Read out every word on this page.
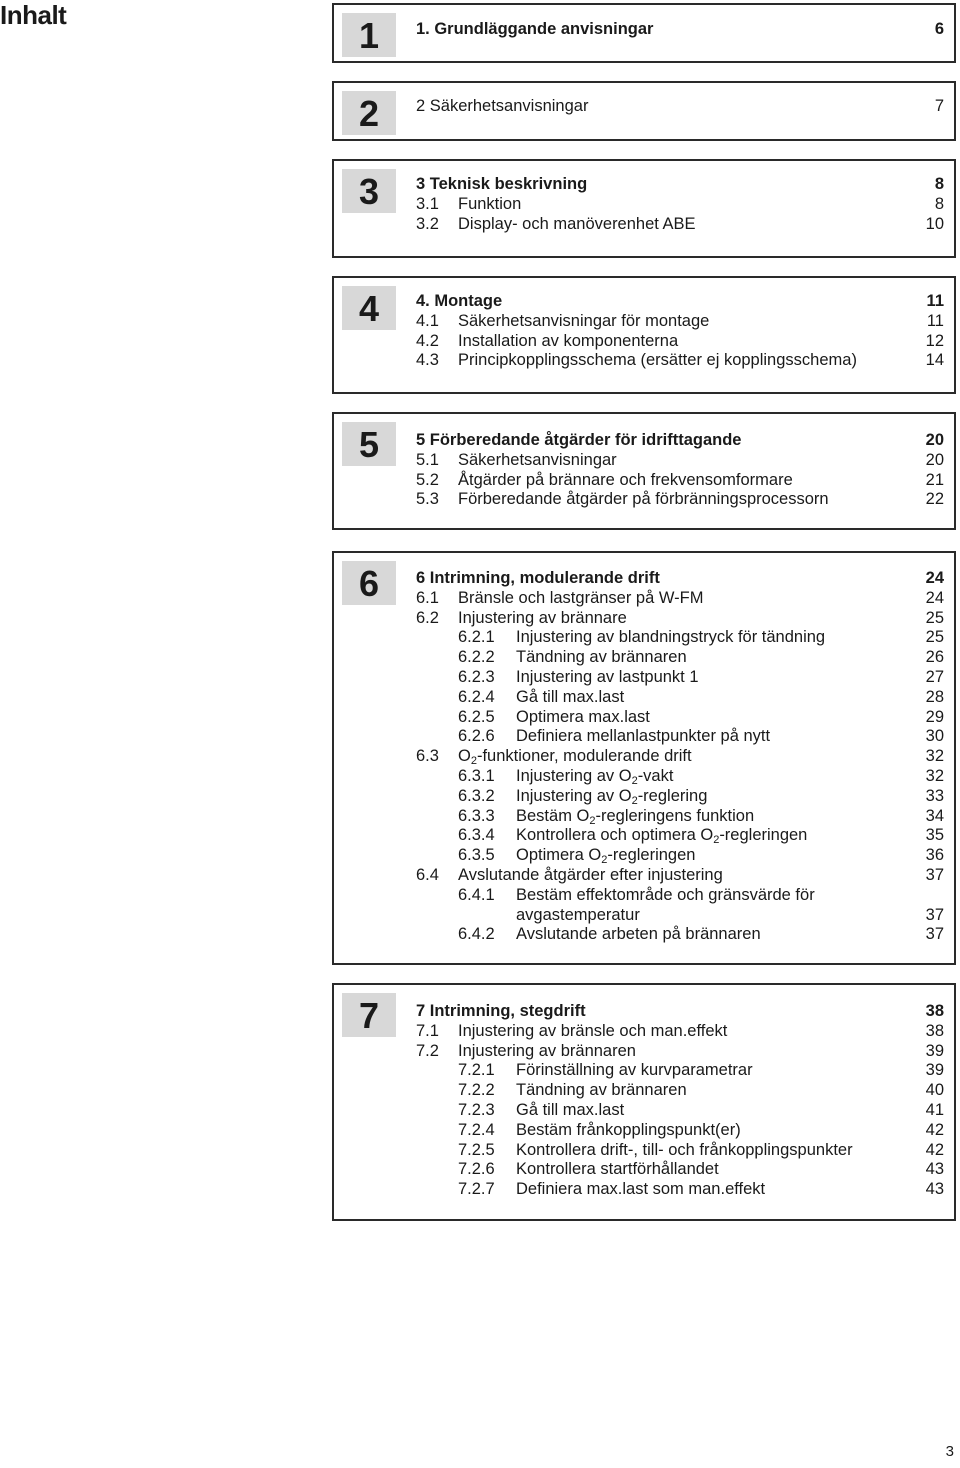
Inhalt	1	1. Grundläggande anvisningar	6
2	2 Säkerhetsanvisningar	7
3	3 Teknisk beskrivning	8
3.1 Funktion	8
3.2 Display- och manöverenhet ABE	10
4	4. Montage	11
4.1 Säkerhetsanvisningar för montage	11
4.2 Installation av komponenterna	12
4.3 Principkopplingsschema (ersätter ej kopplingsschema)	14
5	5 Förberedande åtgärder för idrifttagande	20
5.1 Säkerhetsanvisningar	20
5.2 Åtgärder på brännare och frekvensomformare	21
5.3 Förberedande åtgärder på förbränningsprocessorn	22
6	6 Intrimning, modulerande drift	24
6.1 Bränsle och lastgränser på W-FM	24
6.2 Injustering av brännare	25
6.2.1 Injustering av blandningstryck för tändning	25
6.2.2 Tändning av brännaren	26
6.2.3 Injustering av lastpunkt 1	27
6.2.4 Gå till max.last	28
6.2.5 Optimera max.last	29
6.2.6 Definiera mellanlastpunkter på nytt	30
6.3 $O_2$-funktioner, modulerande drift	32
6.3.1 Injustering av $O_2$-vakt	32
6.3.2 Injustering av $O_2$-reglering	33
6.3.3 Bestäm $O_2$-regleringens funktion	34
6.3.4 Kontrollera och optimera $O_2$-regleringen	35
6.3.5 Optimera $O_2$-regleringen	36
6.4 Avslutande åtgärder efter injustering	37
6.4.1 Bestäm effektområde och gränsvärde för
avgastemperatur	37
6.4.2 Avslutande arbeten på brännaren	37
7	7 Intrimning, stegdrift	38
7.1 Injustering av bränsle och man.effekt	38
7.2 Injustering av brännaren	39
7.2.1 Förinställning av kurvparametrar	39
7.2.2 Tändning av brännaren	40
7.2.3 Gå till max.last	41
7.2.4 Bestäm frånkopplingspunkt(er)	42
7.2.5 Kontrollera drift-, till- och frånkopplingspunkter	42
7.2.6 Kontrollera startförhållandet	43
7.2.7 Definiera max.last som man.effekt	43
3
